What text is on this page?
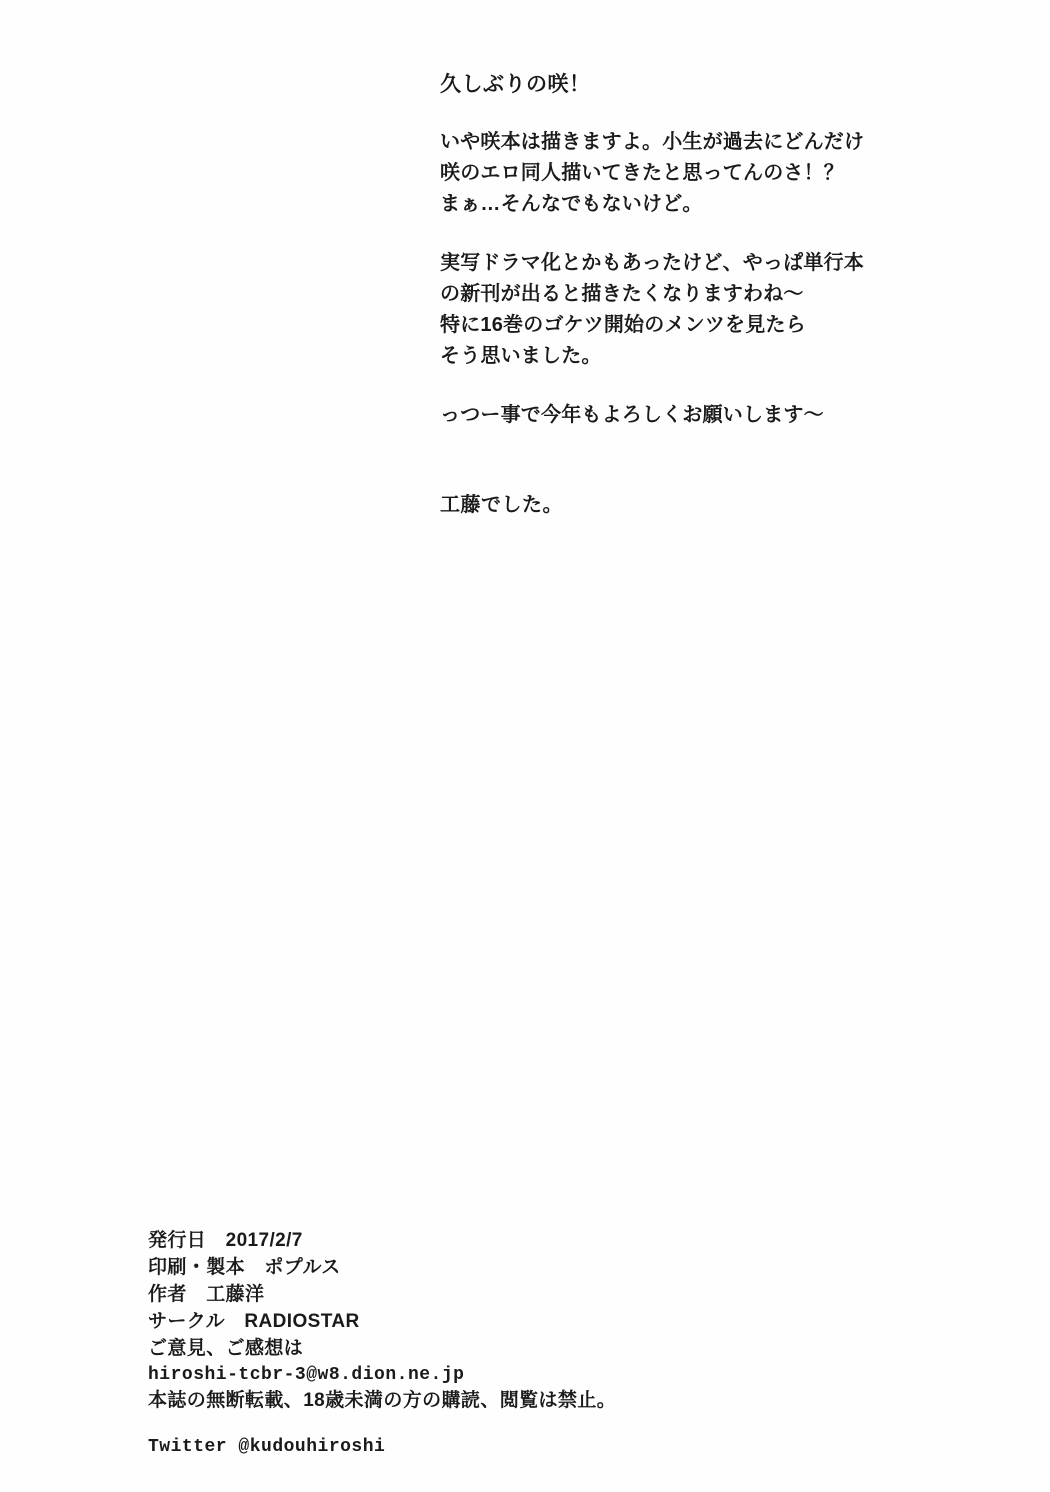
久しぶりの咲！
いや咲本は描きますよ。小生が過去にどんだけ
咲のエロ同人描いてきたと思ってんのさ！？
まぁ…そんなでもないけど。
実写ドラマ化とかもあったけど、やっぱ単行本
の新刊が出ると描きたくなりますわね〜
特に16巻のゴケツ開始のメンツを見たら
そう思いました。
っつー事で今年もよろしくお願いします〜
工藤でした。
発行日　2017/2/7
印刷・製本　ポプルス
作者　工藤洋
サークル　RADIOSTAR
ご意見、ご感想は
hiroshi-tcbr-3@w8.dion.ne.jp
本誌の無断転載、18歳未満の方の購読、閲覧は禁止。
Twitter @kudouhiroshi
